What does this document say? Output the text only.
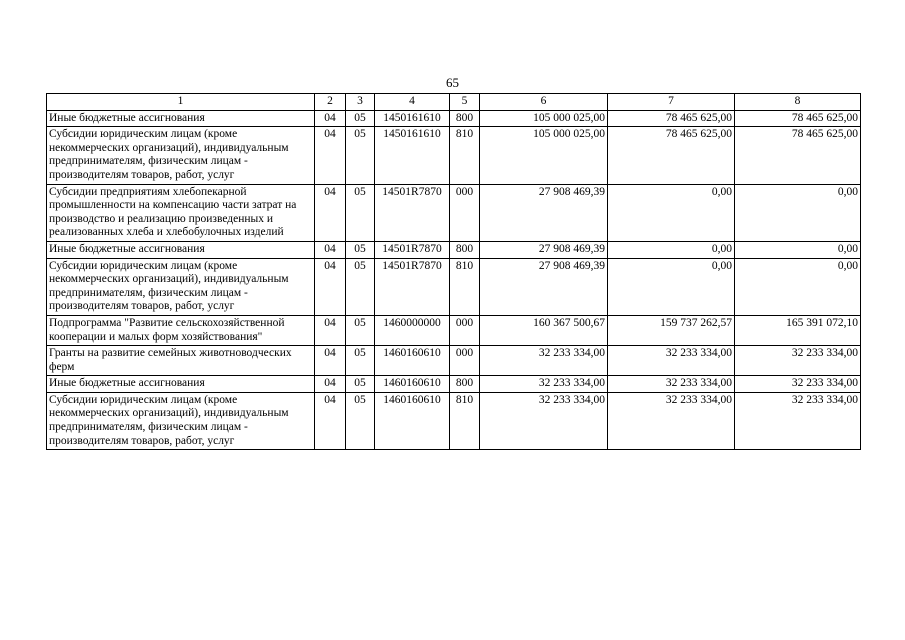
65
1	2	3	4	5	6	7	8
Иные бюджетные ассигнования	04	05	1450161610	800	105 000 025,00	78 465 625,00	78 465 625,00
Субсидии юридическим лицам (кроме некоммерческих организаций), индивидуальным предпринимателям, физическим лицам - производителям товаров, работ, услуг	04	05	1450161610	810	105 000 025,00	78 465 625,00	78 465 625,00
Субсидии предприятиям хлебопекарной промышленности на компенсацию части затрат на производство и реализацию произведенных и реализованных хлеба и хлебобулочных изделий	04	05	14501R7870	000	27 908 469,39	0,00	0,00
Иные бюджетные ассигнования	04	05	14501R7870	800	27 908 469,39	0,00	0,00
Субсидии юридическим лицам (кроме некоммерческих организаций), индивидуальным предпринимателям, физическим лицам - производителям товаров, работ, услуг	04	05	14501R7870	810	27 908 469,39	0,00	0,00
Подпрограмма "Развитие сельскохозяйственной кооперации и малых форм хозяйствования"	04	05	1460000000	000	160 367 500,67	159 737 262,57	165 391 072,10
Гранты на развитие семейных животноводческих ферм	04	05	1460160610	000	32 233 334,00	32 233 334,00	32 233 334,00
Иные бюджетные ассигнования	04	05	1460160610	800	32 233 334,00	32 233 334,00	32 233 334,00
Субсидии юридическим лицам (кроме некоммерческих организаций), индивидуальным предпринимателям, физическим лицам - производителям товаров, работ, услуг	04	05	1460160610	810	32 233 334,00	32 233 334,00	32 233 334,00
